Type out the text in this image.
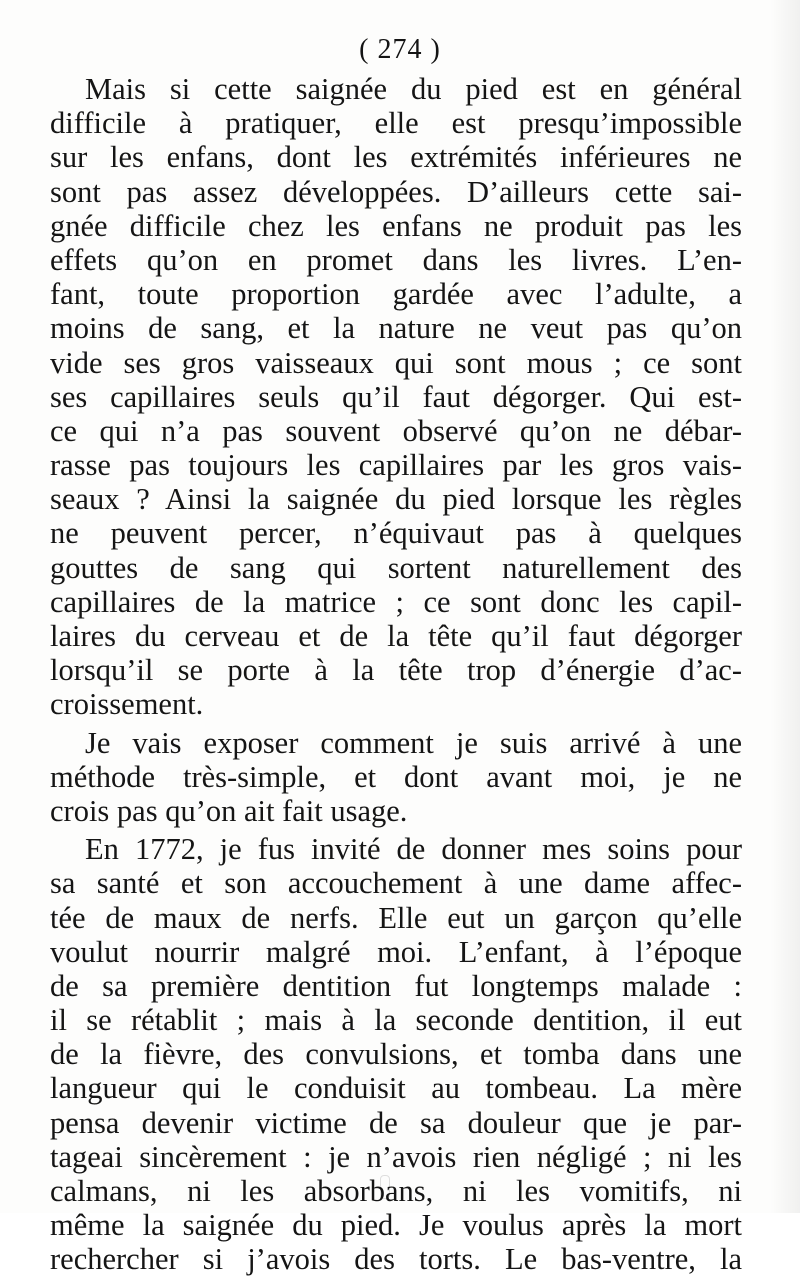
( 274 )
Mais si cette saignée du pied est en général
difficile à pratiquer, elle est presqu’impossible
sur les enfans, dont les extrémités inférieures ne
sont pas assez développées. D’ailleurs cette sai-
gnée difficile chez les enfans ne produit pas les
effets qu’on en promet dans les livres. L’en-
fant, toute proportion gardée avec l’adulte, a
moins de sang, et la nature ne veut pas qu’on
vide ses gros vaisseaux qui sont mous ; ce sont
ses capillaires seuls qu’il faut dégorger. Qui est-
ce qui n’a pas souvent observé qu’on ne débar-
rasse pas toujours les capillaires par les gros vais-
seaux ? Ainsi la saignée du pied lorsque les règles
ne peuvent percer, n’équivaut pas à quelques
gouttes de sang qui sortent naturellement des
capillaires de la matrice ; ce sont donc les capil-
laires du cerveau et de la tête qu’il faut dégorger
lorsqu’il se porte à la tête trop d’énergie d’ac-
croissement.
Je vais exposer comment je suis arrivé à une
méthode très-simple, et dont avant moi, je ne
crois pas qu’on ait fait usage.
En 1772, je fus invité de donner mes soins pour
sa santé et son accouchement à une dame affec-
tée de maux de nerfs. Elle eut un garçon qu’elle
voulut nourrir malgré moi. L’enfant, à l’époque
de sa première dentition fut longtemps malade :
il se rétablit ; mais à la seconde dentition, il eut
de la fièvre, des convulsions, et tomba dans une
langueur qui le conduisit au tombeau. La mère
pensa devenir victime de sa douleur que je par-
tageai sincèrement : je n’avois rien négligé ; ni les
calmans, ni les absorbans, ni les vomitifs, ni
même la saignée du pied. Je voulus après la mort
rechercher si j’avois des torts. Le bas-ventre, la
